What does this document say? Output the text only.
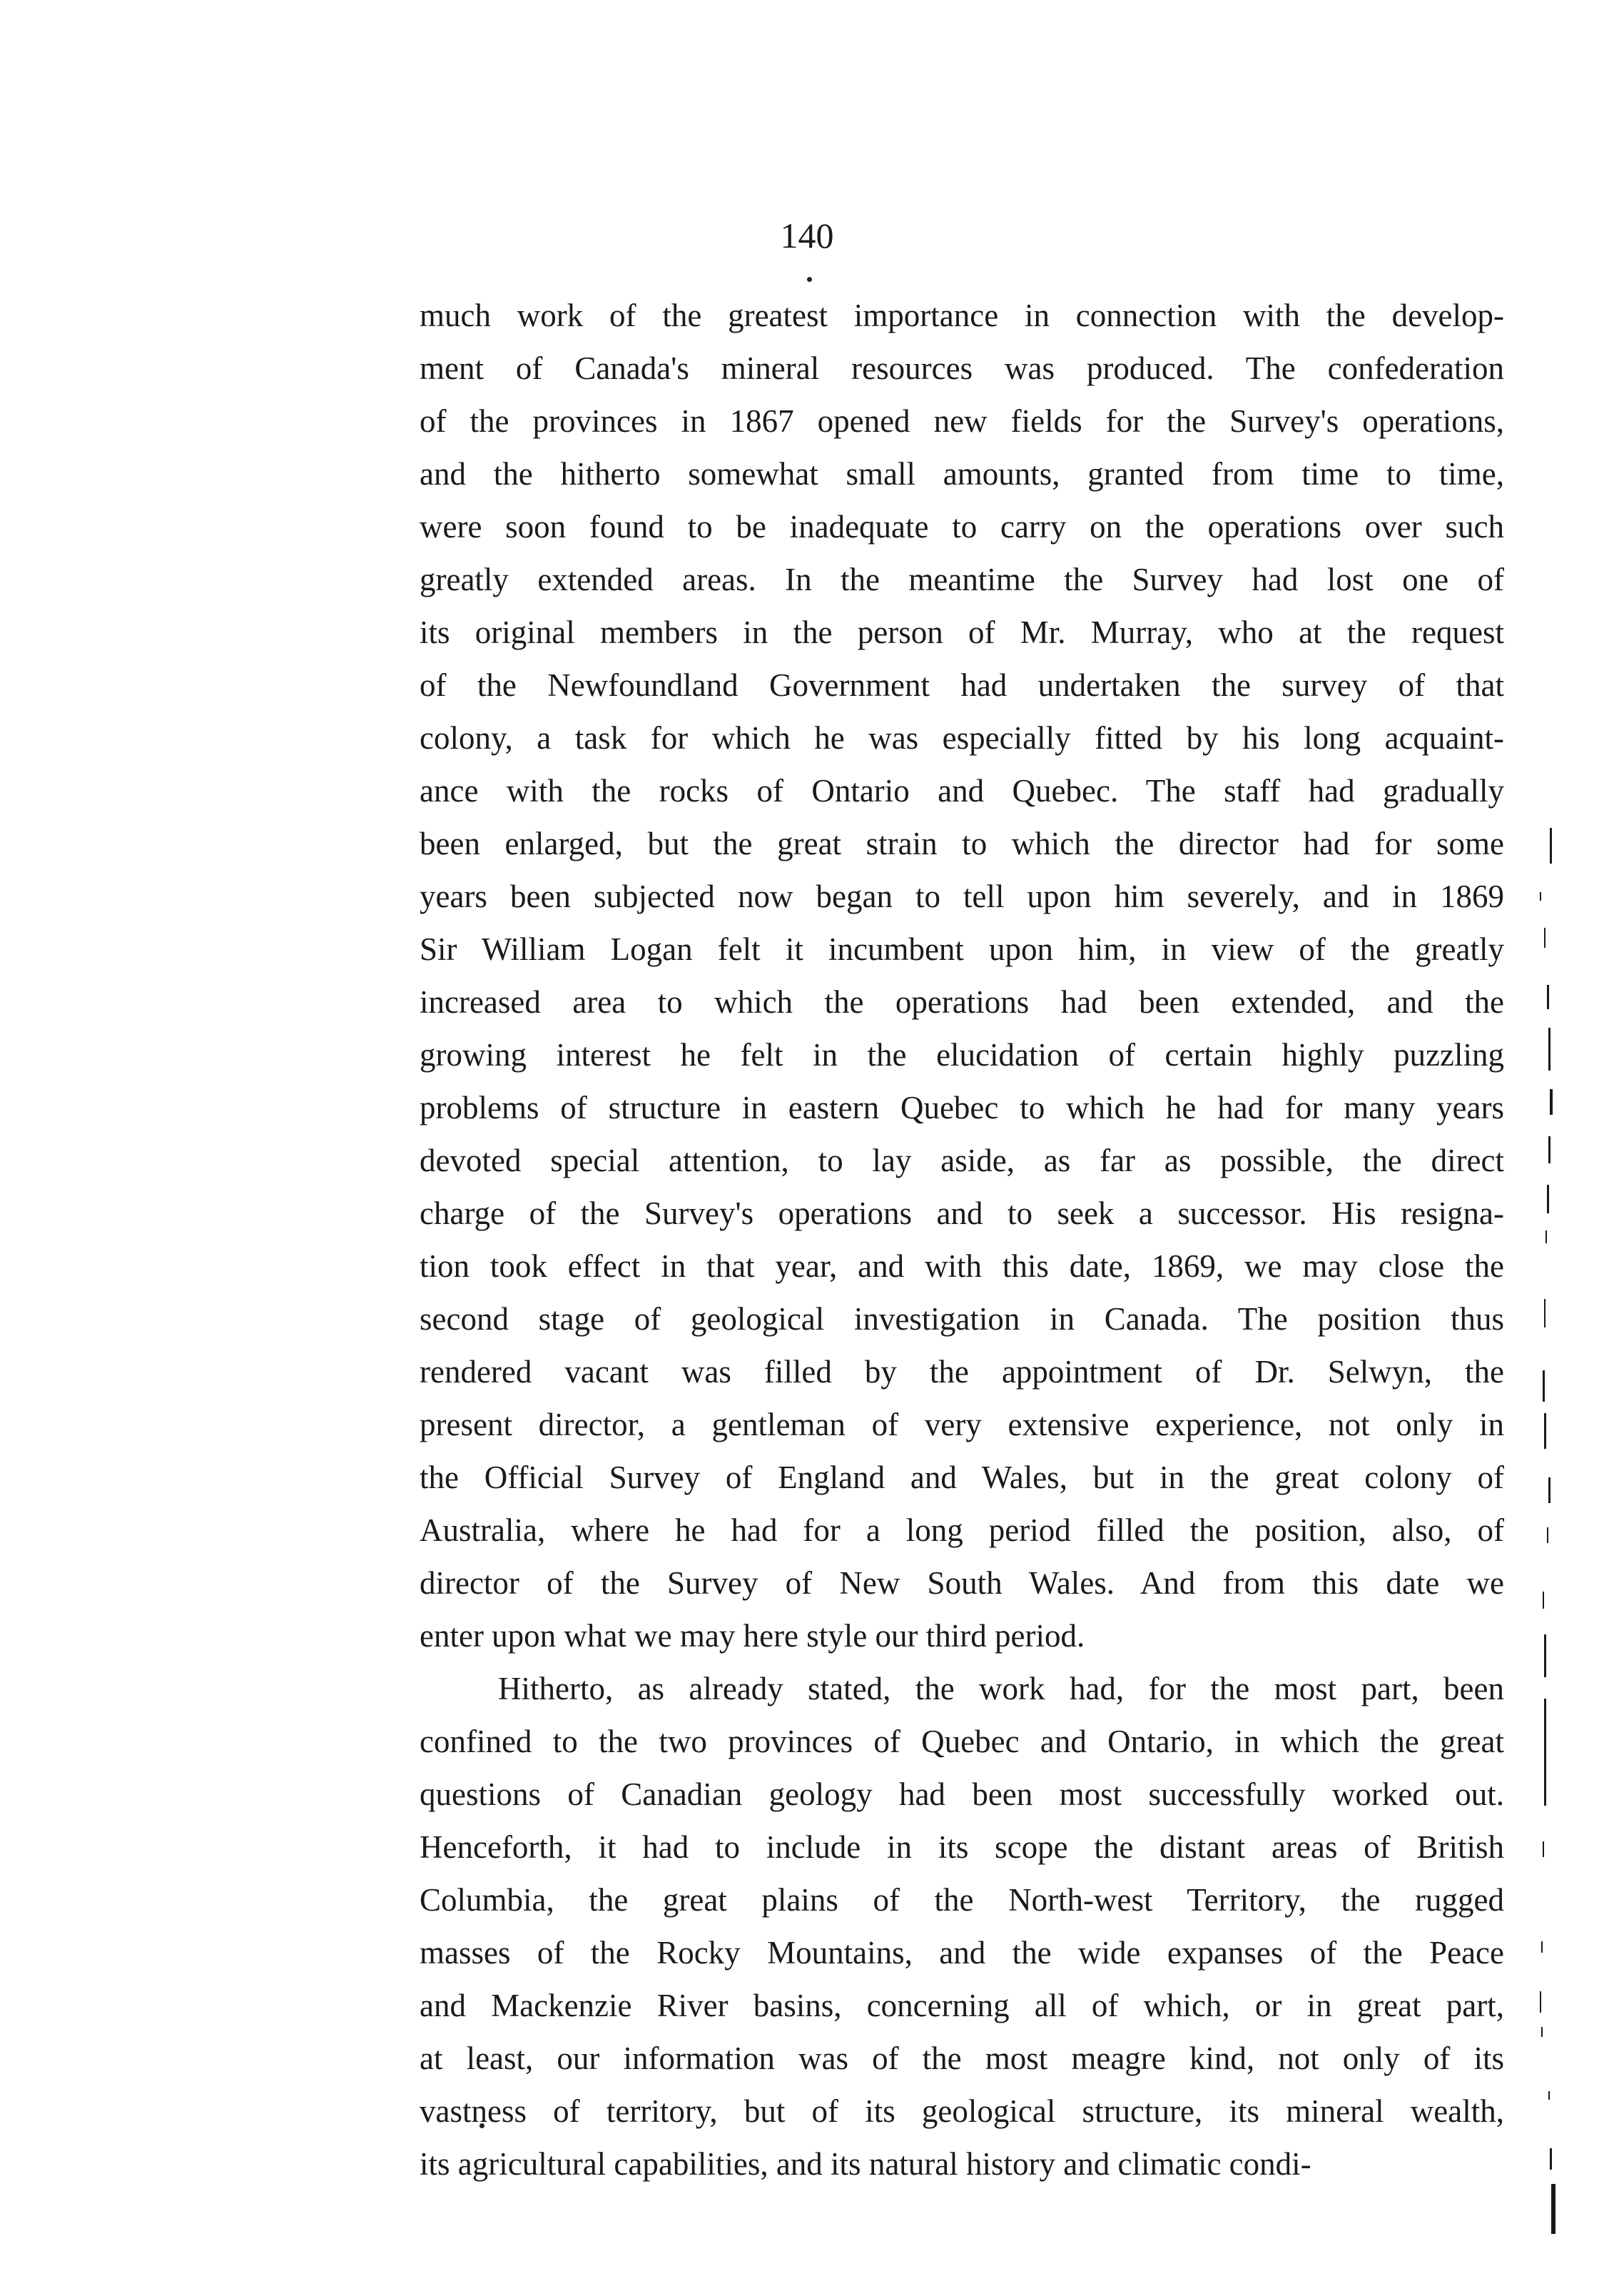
140
much work of the greatest importance in connection with the develop-
ment of Canada's mineral resources was produced. The confederation
of the provinces in 1867 opened new fields for the Survey's operations,
and the hitherto somewhat small amounts, granted from time to time,
were soon found to be inadequate to carry on the operations over such
greatly extended areas. In the meantime the Survey had lost one of
its original members in the person of Mr. Murray, who at the request
of the Newfoundland Government had undertaken the survey of that
colony, a task for which he was especially fitted by his long acquaint-
ance with the rocks of Ontario and Quebec. The staff had gradually
been enlarged, but the great strain to which the director had for some
years been subjected now began to tell upon him severely, and in 1869
Sir William Logan felt it incumbent upon him, in view of the greatly
increased area to which the operations had been extended, and the
growing interest he felt in the elucidation of certain highly puzzling
problems of structure in eastern Quebec to which he had for many years
devoted special attention, to lay aside, as far as possible, the direct
charge of the Survey's operations and to seek a successor. His resigna-
tion took effect in that year, and with this date, 1869, we may close the
second stage of geological investigation in Canada. The position thus
rendered vacant was filled by the appointment of Dr. Selwyn, the
present director, a gentleman of very extensive experience, not only in
the Official Survey of England and Wales, but in the great colony of
Australia, where he had for a long period filled the position, also, of
director of the Survey of New South Wales. And from this date we
enter upon what we may here style our third period.
Hitherto, as already stated, the work had, for the most part, been
confined to the two provinces of Quebec and Ontario, in which the great
questions of Canadian geology had been most successfully worked out.
Henceforth, it had to include in its scope the distant areas of British
Columbia, the great plains of the North-west Territory, the rugged
masses of the Rocky Mountains, and the wide expanses of the Peace
and Mackenzie River basins, concerning all of which, or in great part,
at least, our information was of the most meagre kind, not only of its
vastness of territory, but of its geological structure, its mineral wealth,
its agricultural capabilities, and its natural history and climatic condi-
